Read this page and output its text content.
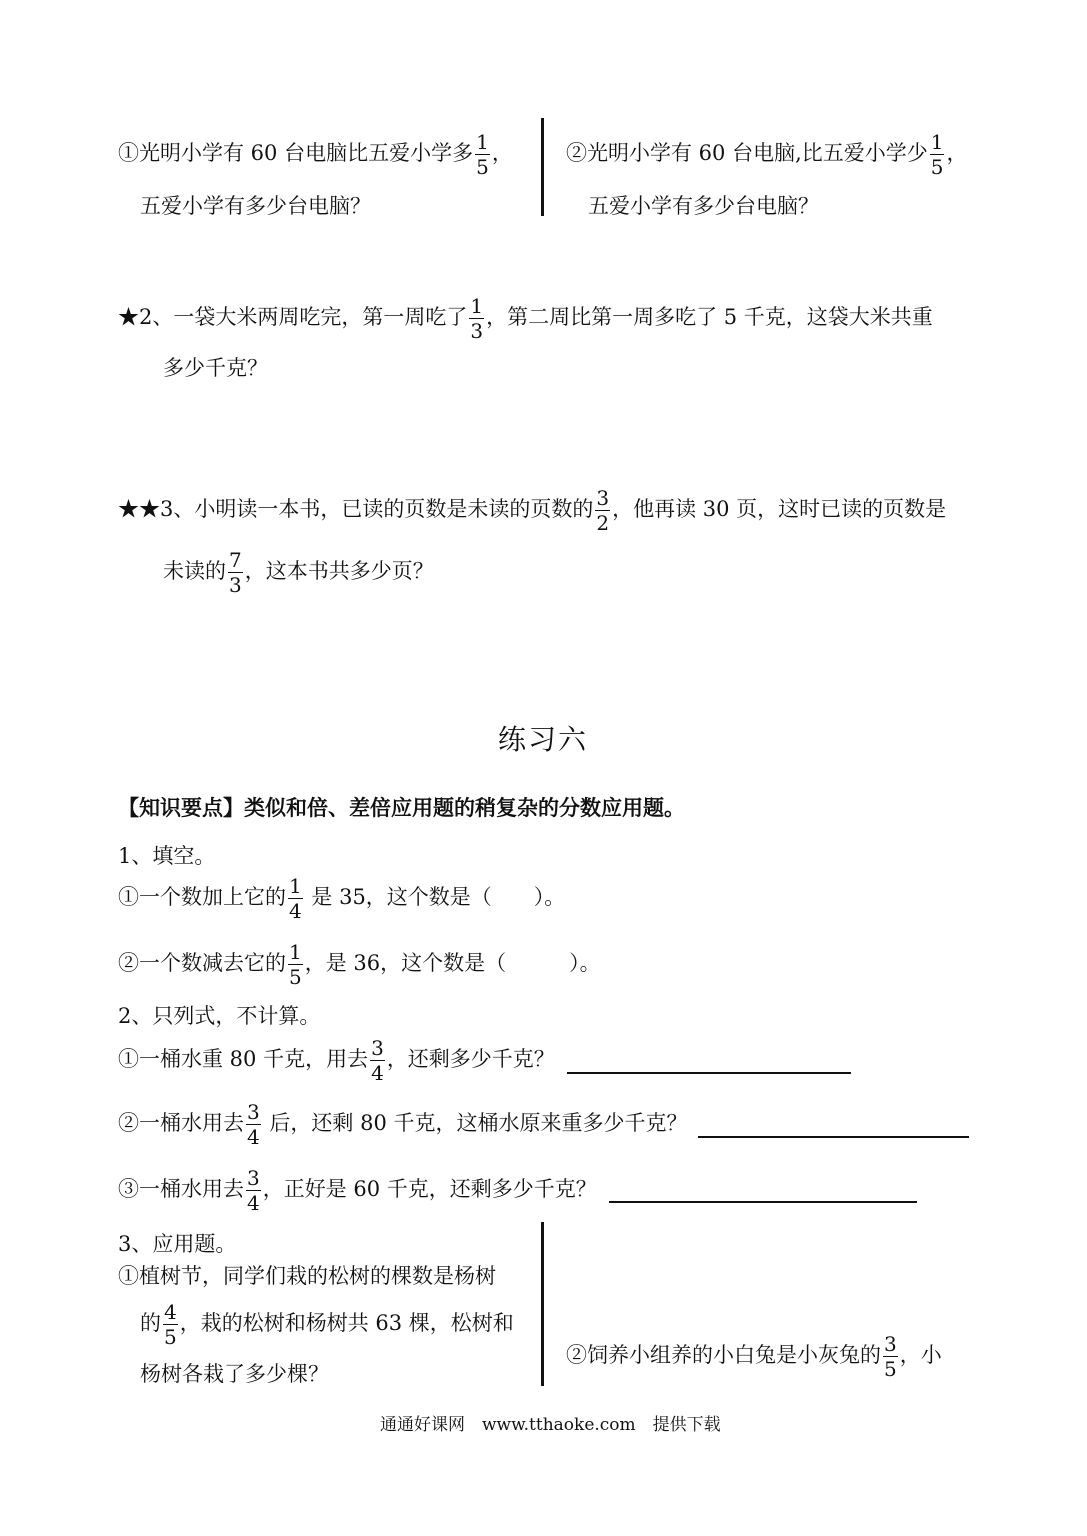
①光明小学有 60 台电脑比五爱小学多 $\frac{1}{5}$ ，
五爱小学有多少台电脑？
②光明小学有 60 台电脑,比五爱小学少 $\frac{1}{5}$ ，
五爱小学有多少台电脑？
★2、一袋大米两周吃完，第一周吃了 $\frac{1}{3}$ ，第二周比第一周多吃了 5 千克，这袋大米共重
多少千克？
★★3、小明读一本书，已读的页数是未读的页数的 $\frac{3}{2}$ ，他再读 30 页，这时已读的页数是
未读的 $\frac{7}{3}$ ，这本书共多少页？
练习六
【知识要点】类似和倍、差倍应用题的稍复杂的分数应用题。
1、填空。
①一个数加上它的 $\frac{1}{4}$ 是 35，这个数是（　　）。
②一个数减去它的 $\frac{1}{5}$ ，是 36，这个数是（　　　）。
2、只列式，不计算。
①一桶水重 80 千克，用去 $\frac{3}{4}$ ，还剩多少千克？
②一桶水用去 $\frac{3}{4}$ 后，还剩 80 千克，这桶水原来重多少千克？
③一桶水用去 $\frac{3}{4}$ ，正好是 60 千克，还剩多少千克？
3、应用题。
①植树节，同学们栽的松树的棵数是杨树
的 $\frac{4}{5}$ ，栽的松树和杨树共 63 棵，松树和
杨树各栽了多少棵？
②饲养小组养的小白兔是小灰兔的 $\frac{3}{5}$ ，小
通通好课网　www.tthaoke.com　提供下载
